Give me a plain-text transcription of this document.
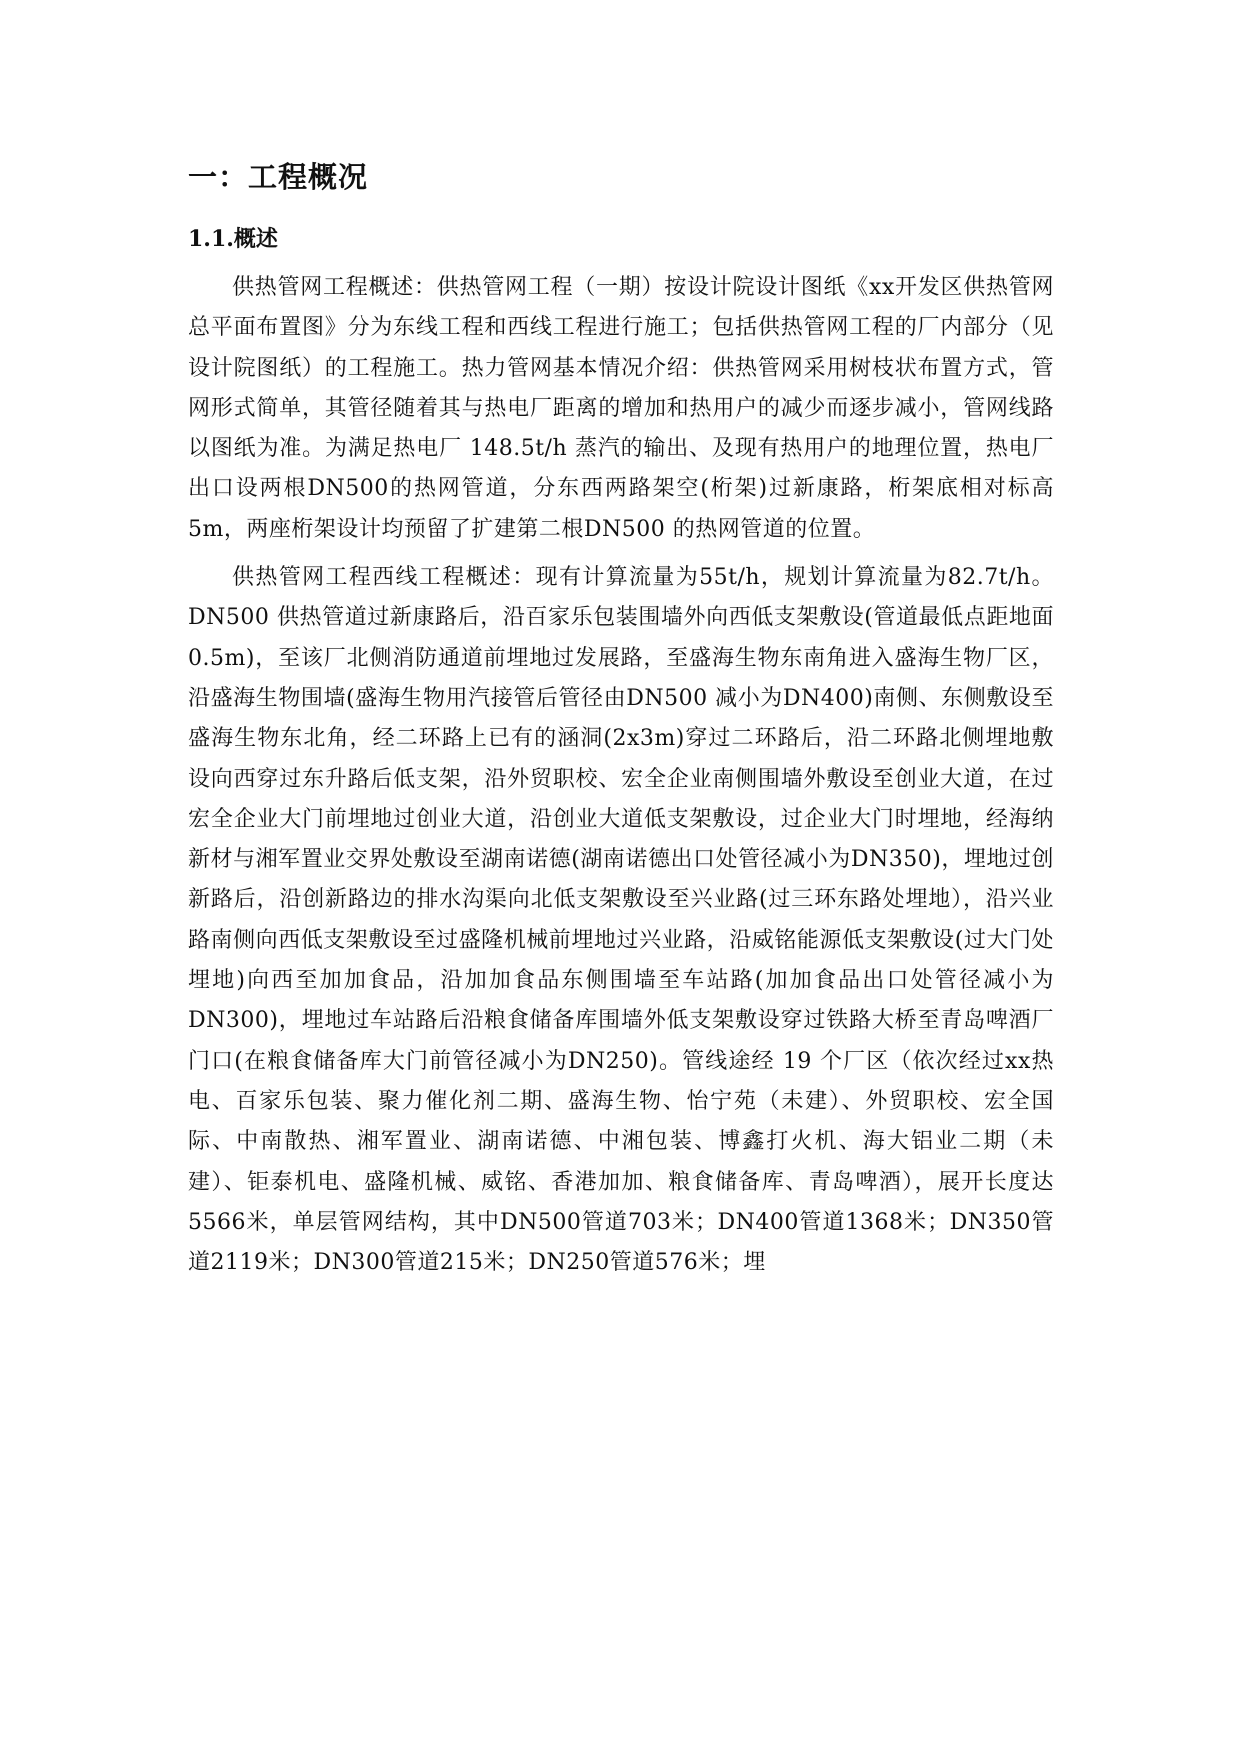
一：工程概况
1.1.概述

供热管网工程概述：供热管网工程（一期）按设计院设计图纸《xx开发区供热管网总平面布置图》分为东线工程和西线工程进行施工；包括供热管网工程的厂内部分（见设计院图纸）的工程施工。热力管网基本情况介绍：供热管网采用树枝状布置方式，管网形式简单，其管径随着其与热电厂距离的增加和热用户的减少而逐步减小，管网线路以图纸为准。为满足热电厂 148.5t/h 蒸汽的输出、及现有热用户的地理位置，热电厂出口设两根DN500的热网管道，分东西两路架空(桁架)过新康路，桁架底相对标高5m，两座桁架设计均预留了扩建第二根DN500 的热网管道的位置。

供热管网工程西线工程概述：现有计算流量为55t/h，规划计算流量为82.7t/h。DN500 供热管道过新康路后，沿百家乐包装围墙外向西低支架敷设(管道最低点距地面0.5m)，至该厂北侧消防通道前埋地过发展路，至盛海生物东南角进入盛海生物厂区，沿盛海生物围墙(盛海生物用汽接管后管径由DN500 减小为DN400)南侧、东侧敷设至盛海生物东北角，经二环路上已有的涵洞(2x3m)穿过二环路后，沿二环路北侧埋地敷设向西穿过东升路后低支架，沿外贸职校、宏全企业南侧围墙外敷设至创业大道，在过宏全企业大门前埋地过创业大道，沿创业大道低支架敷设，过企业大门时埋地，经海纳新材与湘军置业交界处敷设至湖南诺德(湖南诺德出口处管径减小为DN350)，埋地过创新路后，沿创新路边的排水沟渠向北低支架敷设至兴业路(过三环东路处埋地），沿兴业路南侧向西低支架敷设至过盛隆机械前埋地过兴业路，沿威铭能源低支架敷设(过大门处埋地)向西至加加食品，沿加加食品东侧围墙至车站路(加加食品出口处管径减小为DN300)，埋地过车站路后沿粮食储备库围墙外低支架敷设穿过铁路大桥至青岛啤酒厂门口(在粮食储备库大门前管径减小为DN250)。管线途经 19 个厂区（依次经过xx热电、百家乐包装、聚力催化剂二期、盛海生物、怡宁苑（未建）、外贸职校、宏全国际、中南散热、湘军置业、湖南诺德、中湘包装、博鑫打火机、海大铝业二期（未建）、钜泰机电、盛隆机械、威铭、香港加加、粮食储备库、青岛啤酒），展开长度达5566米，单层管网结构，其中DN500管道703米；DN400管道1368米；DN350管道2119米；DN300管道215米；DN250管道576米；埋
